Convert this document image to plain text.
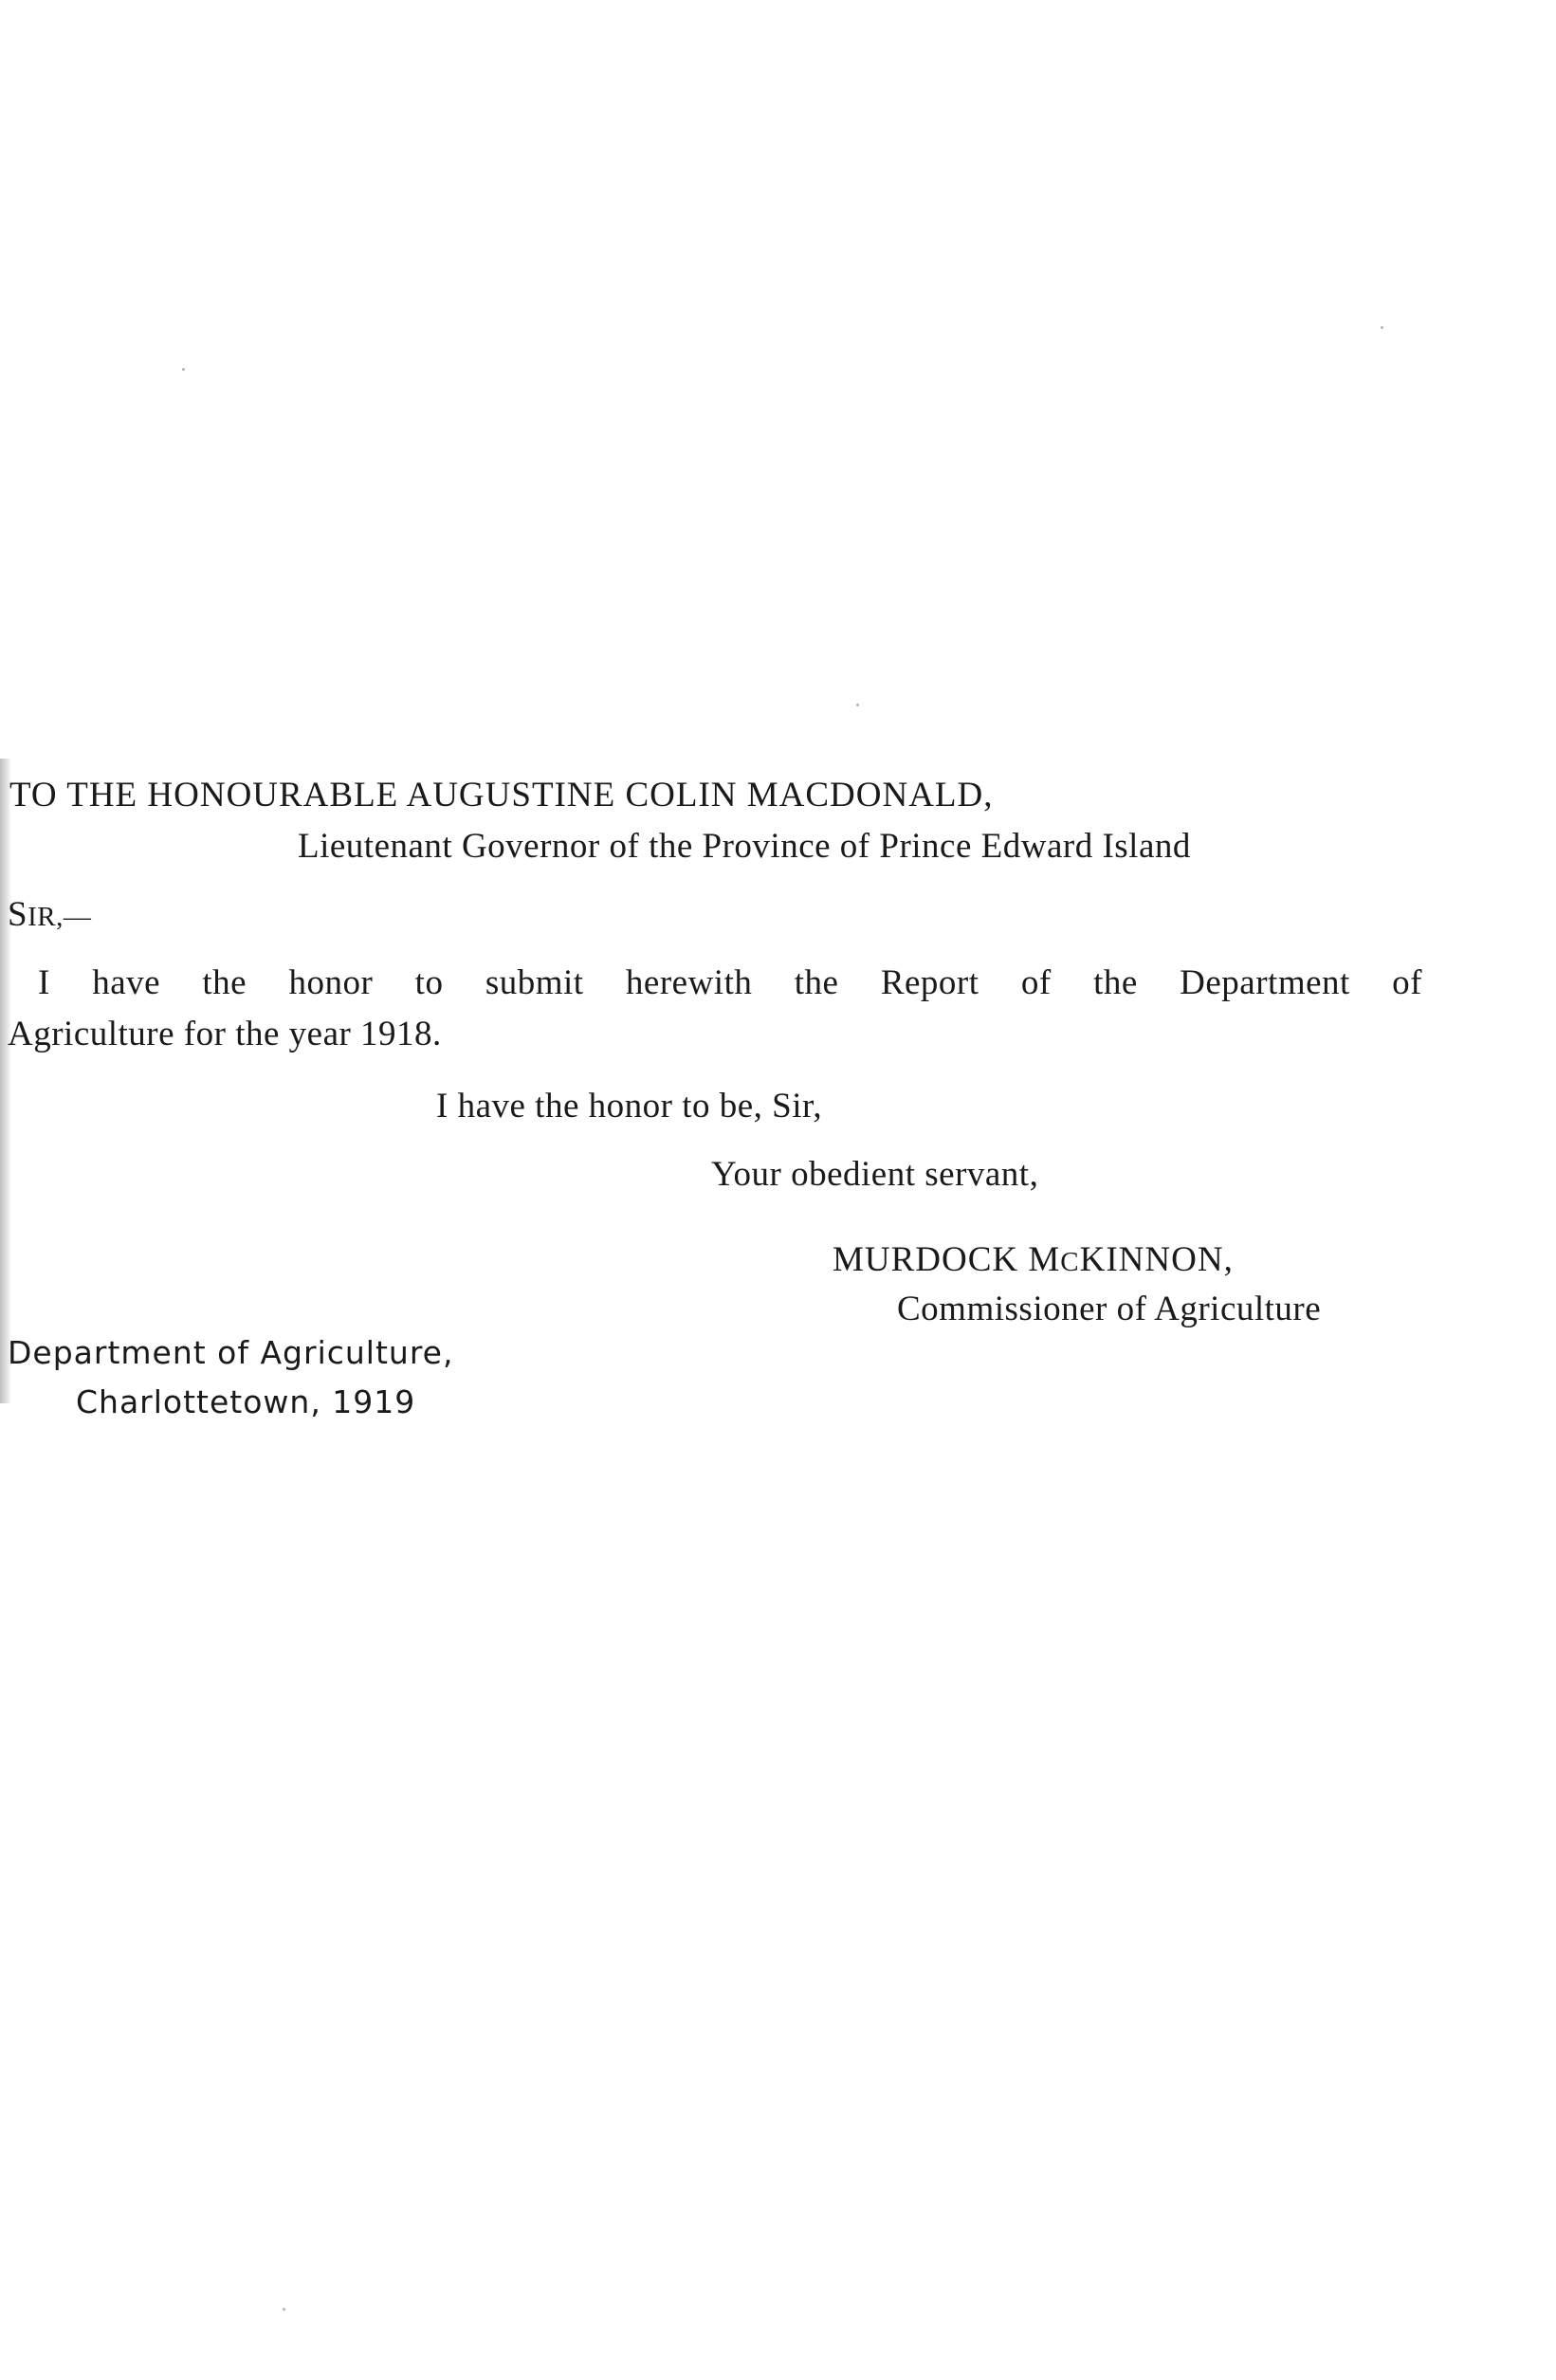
TO THE HONOURABLE AUGUSTINE COLIN MACDONALD,
Lieutenant Governor of the Province of Prince Edward Island
SIR,—
I have the honor to submit herewith the Report of the Department of
Agriculture for the year 1918.
I have the honor to be, Sir,
Your obedient servant,
MURDOCK MCKINNON,
Commissioner of Agriculture
Department of Agriculture,
Charlottetown, 1919
